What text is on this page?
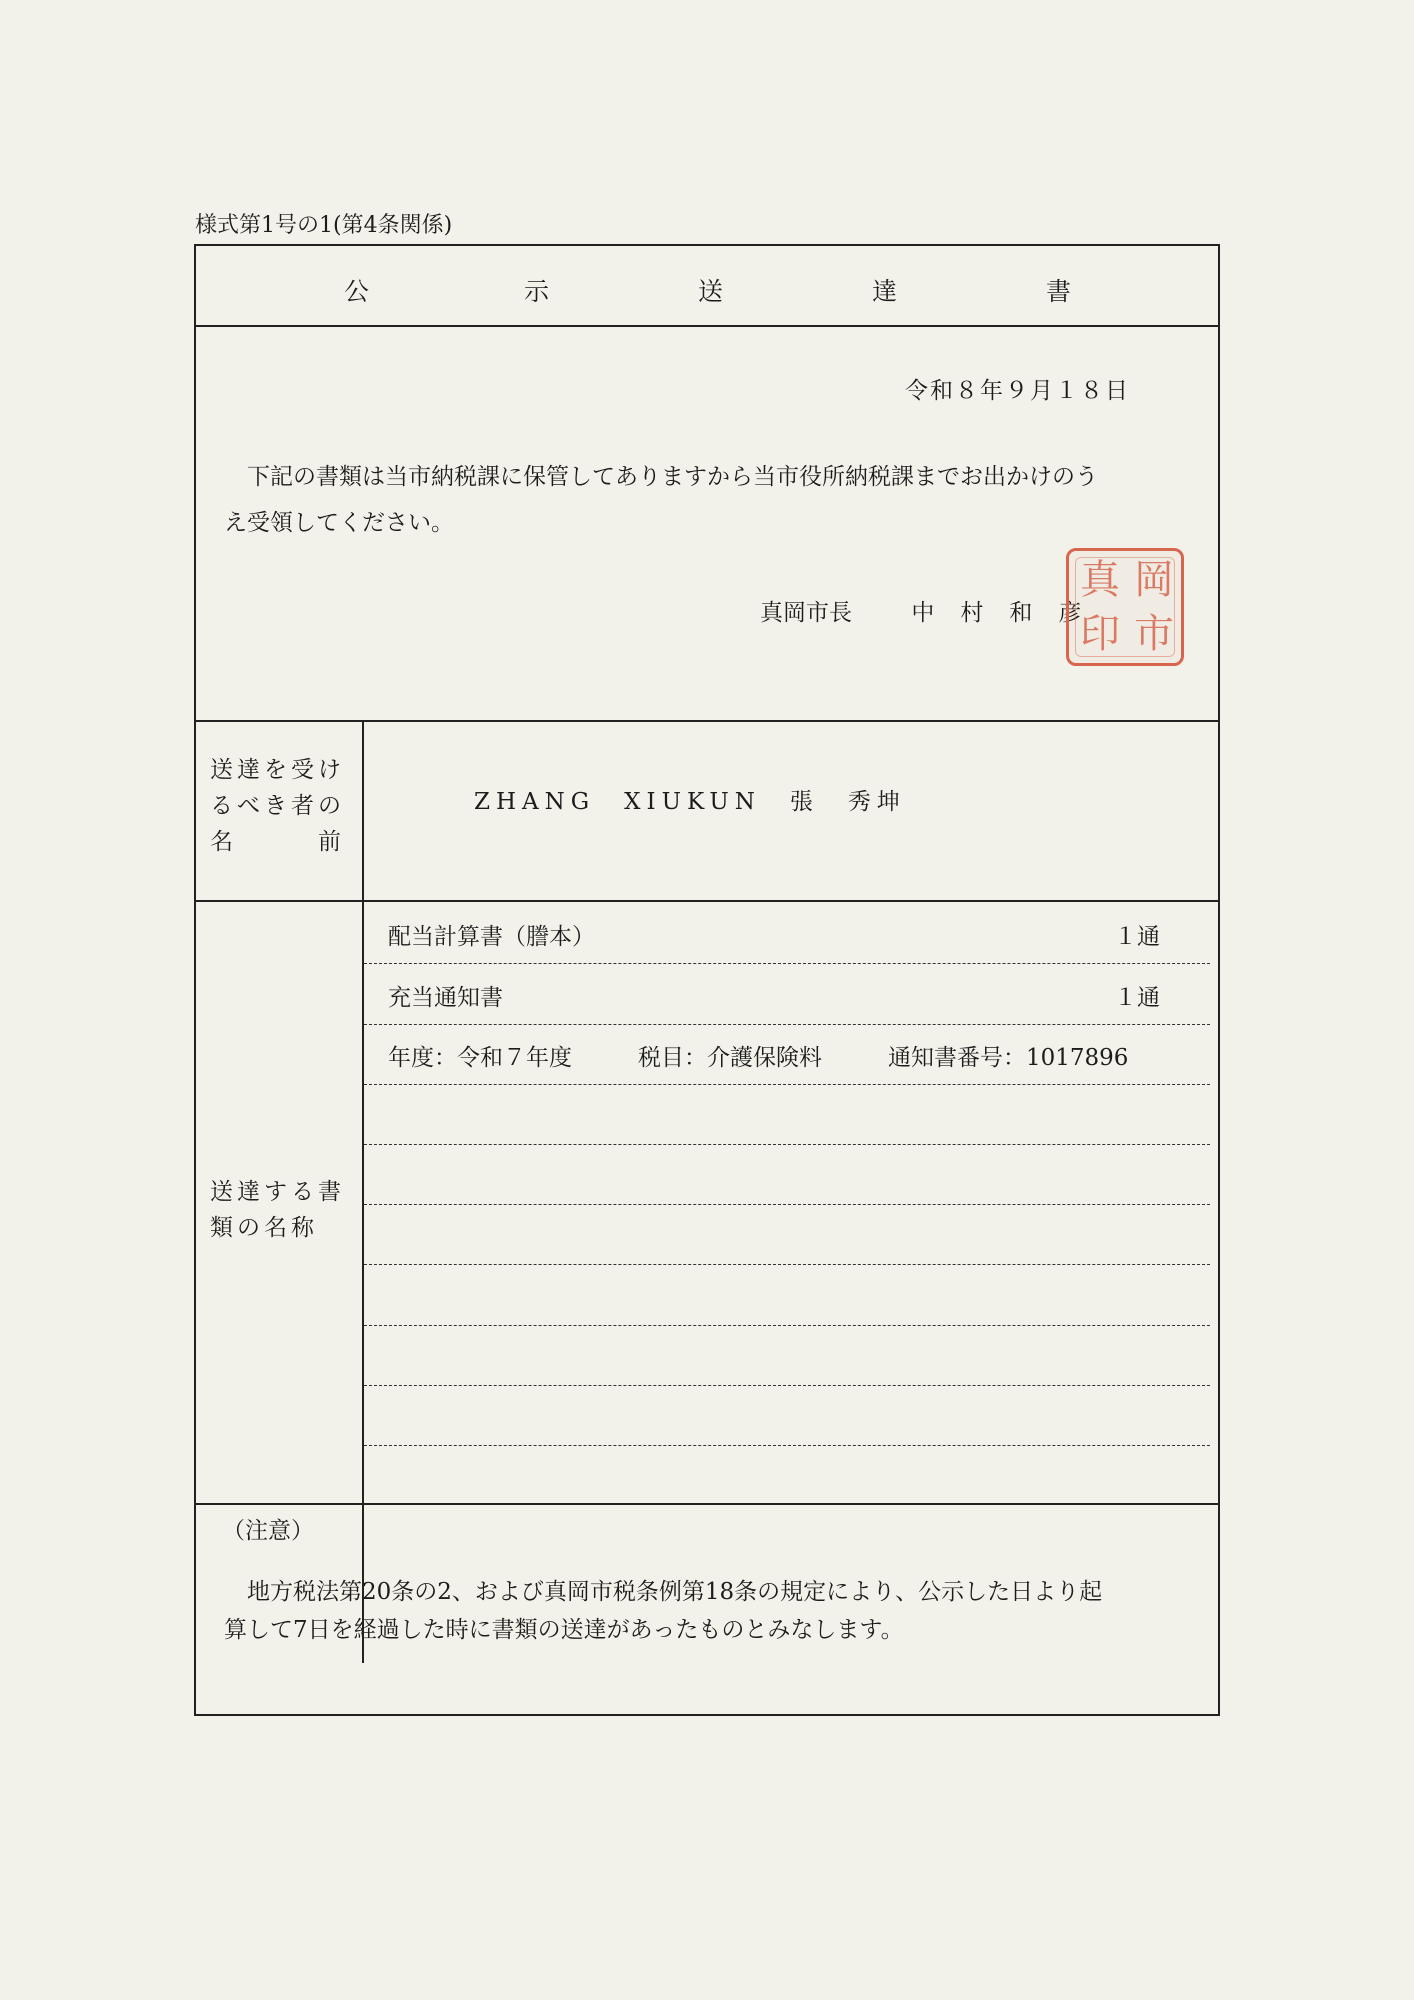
様式第1号の1(第4条関係)
公	示	送	達	書
令和８年９月１８日
下記の書類は当市納税課に保管してありますから当市役所納税課までお出かけのう
え受領してください。
真岡市長	中村和彦
岡
市
真
印
送達を受け
るべき者の
名　　　前
ZHANG　XIUKUN　張　秀坤
送達する書
類の名称
配当計算書（謄本）	１通
充当通知書	１通
年度：令和７年度	税目：介護保険料	通知書番号：1017896
（注意）
地方税法第20条の2、および真岡市税条例第18条の規定により、公示した日より起
算して7日を経過した時に書類の送達があったものとみなします。
